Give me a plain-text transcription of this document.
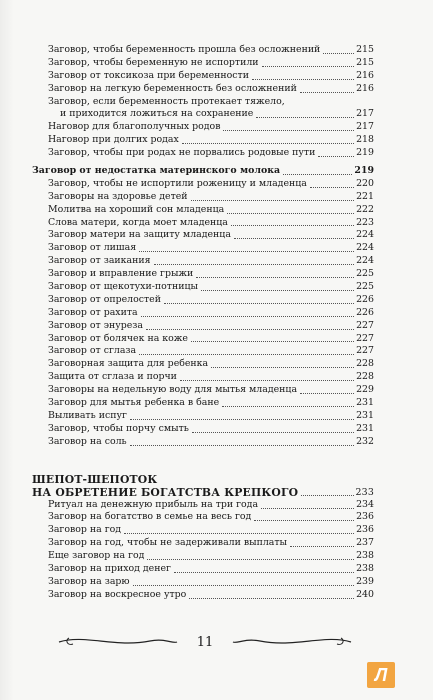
Заговор, чтобы беременность прошла без осложнений	215
Заговор, чтобы беременную не испортили	215
Заговор от токсикоза при беременности	216
Заговор на легкую беременность без осложнений	216
Заговор, если беременность протекает тяжело,
и приходится ложиться на сохранение	217
Наговор для благополучных родов	217
Наговор при долгих родах	218
Заговор, чтобы при родах не порвались родовые пути	219
Заговор от недостатка материнского молока	219
Заговор, чтобы не испортили роженицу и младенца	220
Заговоры на здоровье детей	221
Молитва на хороший сон младенца	222
Слова матери, когда моет младенца	223
Заговор матери на защиту младенца	224
Заговор от лишая	224
Заговор от заикания	224
Заговор и вправление грыжи	225
Заговор от щекотухи-потницы	225
Заговор от опрелостей	226
Заговор от рахита	226
Заговор от энуреза	227
Заговор от болячек на коже	227
Заговор от сглаза	227
Заговорная защита для ребенка	228
Защита от сглаза и порчи	228
Заговоры на недельную воду для мытья младенца	229
Заговор для мытья ребенка в бане	231
Выливать испуг	231
Заговор, чтобы порчу смыть	231
Заговор на соль	232
ШЕПОТ-ШЕПОТОК
НА ОБРЕТЕНИЕ БОГАТСТВА КРЕПКОГО	233
Ритуал на денежную прибыль на три года	234
Заговор на богатство в семье на весь год	236
Заговор на год	236
Заговор на год, чтобы не задерживали выплаты	237
Еще заговор на год	238
Заговор на приход денег	238
Заговор на зарю	239
Заговор на воскресное утро	240
11
Л
